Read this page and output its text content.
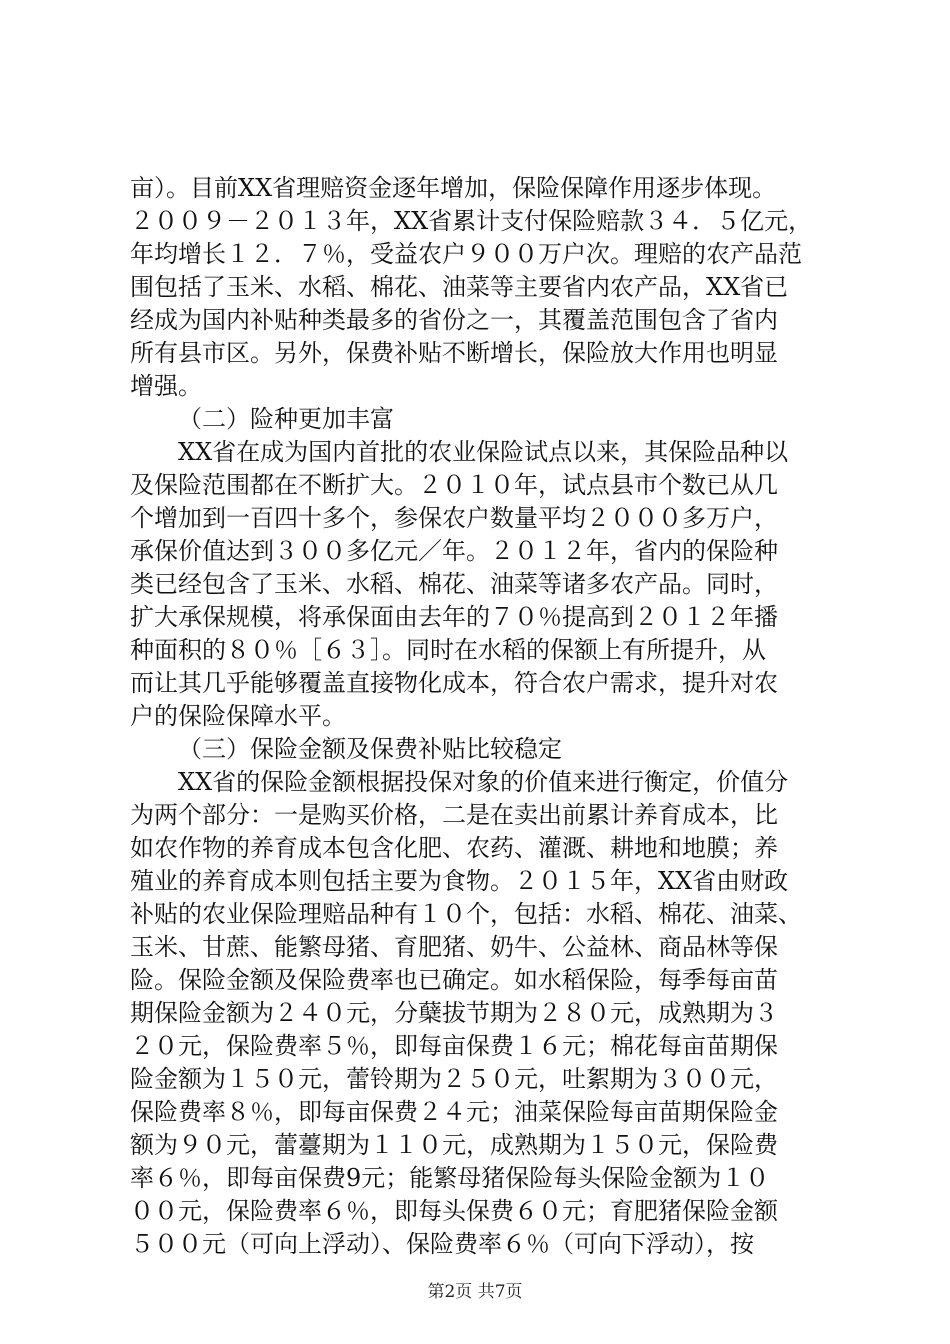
亩）。目前XX省理赔资金逐年增加，保险保障作用逐步体现。
２００９－２０１３年，XX省累计支付保险赔款３４．５亿元，
年均增长１２．７％，受益农户９００万户次。理赔的农产品范
围包括了玉米、水稻、棉花、油菜等主要省内农产品，XX省已
经成为国内补贴种类最多的省份之一，其覆盖范围包含了省内
所有县市区。另外，保费补贴不断增长，保险放大作用也明显
增强。
（二）险种更加丰富
XX省在成为国内首批的农业保险试点以来，其保险品种以
及保险范围都在不断扩大。２０１０年，试点县市个数已从几
个增加到一百四十多个，参保农户数量平均２０００多万户，
承保价值达到３００多亿元／年。２０１２年，省内的保险种
类已经包含了玉米、水稻、棉花、油菜等诸多农产品。同时，
扩大承保规模，将承保面由去年的７０％提高到２０１２年播
种面积的８０％［６３］。同时在水稻的保额上有所提升，从
而让其几乎能够覆盖直接物化成本，符合农户需求，提升对农
户的保险保障水平。
（三）保险金额及保费补贴比较稳定
XX省的保险金额根据投保对象的价值来进行衡定，价值分
为两个部分：一是购买价格，二是在卖出前累计养育成本，比
如农作物的养育成本包含化肥、农药、灌溉、耕地和地膜；养
殖业的养育成本则包括主要为食物。２０１５年，XX省由财政
补贴的农业保险理赔品种有１０个，包括：水稻、棉花、油菜、
玉米、甘蔗、能繁母猪、育肥猪、奶牛、公益林、商品林等保
险。保险金额及保险费率也已确定。如水稻保险，每季每亩苗
期保险金额为２４０元，分蘖拔节期为２８０元，成熟期为３
２０元，保险费率５％，即每亩保费１６元；棉花每亩苗期保
险金额为１５０元，蕾铃期为２５０元，吐絮期为３００元，
保险费率８％，即每亩保费２４元；油菜保险每亩苗期保险金
额为９０元，蕾薹期为１１０元，成熟期为１５０元，保险费
率６％，即每亩保费9元；能繁母猪保险每头保险金额为１０
００元，保险费率６％，即每头保费６０元；育肥猪保险金额
５００元（可向上浮动）、保险费率６％（可向下浮动），按
第2页 共7页
